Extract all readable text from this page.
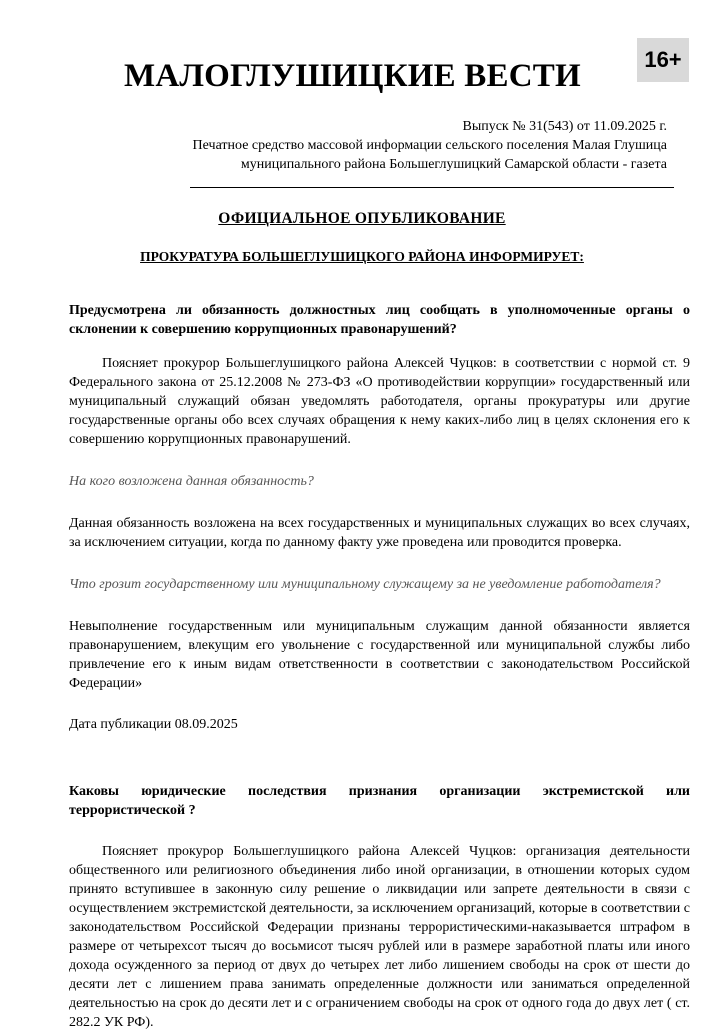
МАЛОГЛУШИЦКИЕ ВЕСТИ	16+
Выпуск № 31(543) от 11.09.2025 г.
Печатное средство массовой информации сельского поселения Малая Глушица
муниципального района Большеглушицкий Самарской области - газета
ОФИЦИАЛЬНОЕ ОПУБЛИКОВАНИЕ
ПРОКУРАТУРА БОЛЬШЕГЛУШИЦКОГО РАЙОНА ИНФОРМИРУЕТ:

Предусмотрена ли обязанность должностных лиц сообщать в уполномоченные органы о склонении к совершению коррупционных правонарушений?

Поясняет прокурор Большеглушицкого района Алексей Чуцков: в соответствии с нормой ст. 9 Федерального закона от 25.12.2008 № 273-ФЗ «О противодействии коррупции» государственный или муниципальный служащий обязан уведомлять работодателя, органы прокуратуры или другие государственные органы обо всех случаях обращения к нему каких-либо лиц в целях склонения его к совершению коррупционных правонарушений.

На кого возложена данная обязанность?

Данная обязанность возложена на всех государственных и муниципальных служащих во всех случаях, за исключением ситуации, когда по данному факту уже проведена или проводится проверка.

Что грозит государственному или муниципальному служащему за не уведомление работодателя?

Невыполнение государственным или муниципальным служащим данной обязанности является правонарушением, влекущим его увольнение с государственной или муниципальной службы либо привлечение его к иным видам ответственности в соответствии с законодательством Российской Федерации»

Дата публикации 08.09.2025

Каковы юридические последствия признания организации экстремистской или террористической ?

Поясняет прокурор Большеглушицкого района Алексей Чуцков: организация деятельности общественного или религиозного объединения либо иной организации, в отношении которых судом принято вступившее в законную силу решение о ликвидации или запрете деятельности в связи с осуществлением экстремистской деятельности, за исключением организаций, которые в соответствии с законодательством Российской Федерации признаны террористическими-наказывается штрафом в размере от четырехсот тысяч до восьмисот тысяч рублей или в размере заработной платы или иного дохода осужденного за период от двух до четырех лет либо лишением свободы на срок от шести до десяти лет с лишением права занимать определенные должности или заниматься определенной деятельностью на срок до десяти лет и с ограничением свободы на срок от одного года до двух лет ( ст. 282.2 УК РФ).
